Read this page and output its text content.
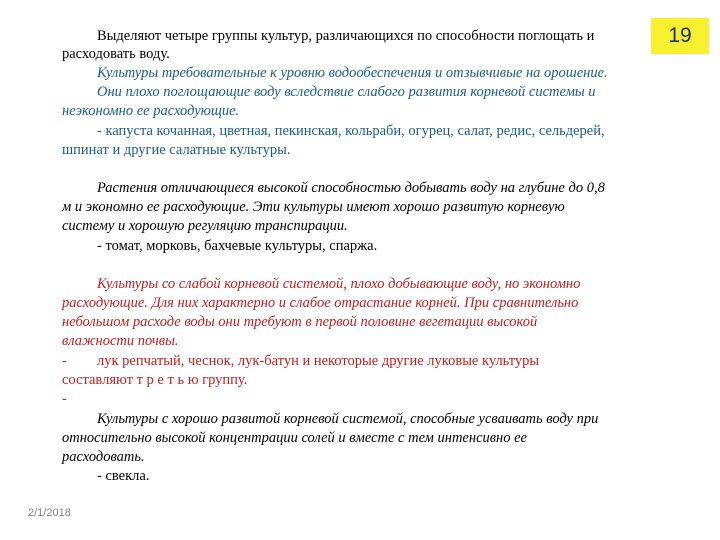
19
Выделяют четыре группы культур, различающихся по способности поглощать и
расходовать воду.
Культуры требовательные к уровню водообеспечения и отзывчивые на орошение.
Они плохо поглощающие воду вследствие слабого развития корневой системы и
неэкономно ее расходующие.
- капуста кочанная, цветная, пекинская, кольраби, огурец, салат, редис, сельдерей,
шпинат и другие салатные культуры.
Растения отличающиеся высокой способностью добывать воду на глубине до 0,8
м и экономно ее расходующие. Эти культуры имеют хорошо развитую корневую
систему и хорошую регуляцию транспирации.
- томат, морковь, бахчевые культуры, спаржа.
Культуры со слабой корневой системой, плохо добывающие воду, но экономно
расходующие. Для них характерно и слабое отрастание корней. При сравнительно
небольшом расходе воды они требуют в первой половине вегетации высокой
влажности почвы.
- лук репчатый, чеснок, лук-батун и некоторые другие луковые культуры
составляют т р е т ь ю группу.
-
Культуры с хорошо развитой корневой системой, способные усваивать воду при
относительно высокой концентрации солей и вместе с тем интенсивно ее
расходовать.
- свекла.
2/1/2018
